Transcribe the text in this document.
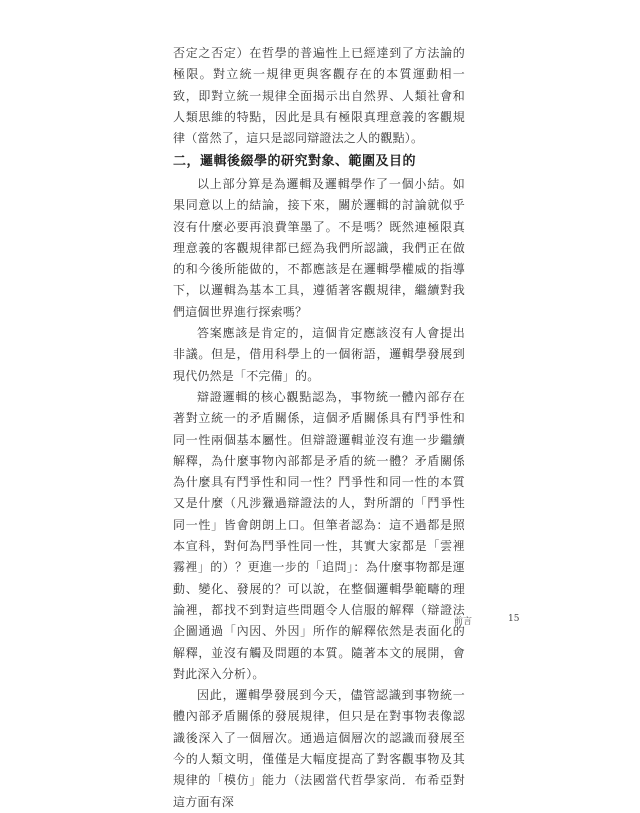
否定之否定）在哲學的普遍性上已經達到了方法論的極限。對立統一規律更與客觀存在的本質運動相一致，即對立統一規律全面揭示出自然界、人類社會和人類思維的特點，因此是具有極限真理意義的客觀規律（當然了，這只是認同辯證法之人的觀點）。

二，邏輯後綴學的研究對象、範圍及目的

以上部分算是為邏輯及邏輯學作了一個小結。如果同意以上的結論，接下來，關於邏輯的討論就似乎沒有什麼必要再浪費筆墨了。不是嗎？既然連極限真理意義的客觀規律都已經為我們所認識，我們正在做的和今後所能做的，不都應該是在邏輯學權威的指導下，以邏輯為基本工具，遵循著客觀規律，繼續對我們這個世界進行探索嗎？

答案應該是肯定的，這個肯定應該沒有人會提出非議。但是，借用科學上的一個術語，邏輯學發展到現代仍然是「不完備」的。

辯證邏輯的核心觀點認為，事物統一體內部存在著對立統一的矛盾關係，這個矛盾關係具有鬥爭性和同一性兩個基本屬性。但辯證邏輯並沒有進一步繼續解釋，為什麼事物內部都是矛盾的統一體？矛盾關係為什麼具有鬥爭性和同一性？鬥爭性和同一性的本質又是什麼（凡涉獵過辯證法的人，對所謂的「鬥爭性同一性」皆會朗朗上口。但筆者認為：這不過都是照本宣科，對何為鬥爭性同一性，其實大家都是「雲裡霧裡」的）？更進一步的「追問」：為什麼事物都是運動、變化、發展的？可以說，在整個邏輯學範疇的理論裡，都找不到對這些問題令人信服的解釋（辯證法企圖通過「內因、外因」所作的解釋依然是表面化的解釋，並沒有觸及問題的本質。隨著本文的展開，會對此深入分析）。

因此，邏輯學發展到今天，儘管認識到事物統一體內部矛盾關係的發展規律，但只是在對事物表像認識後深入了一個層次。通過這個層次的認識而發展至今的人類文明，僅僅是大幅度提高了對客觀事物及其規律的「模仿」能力（法國當代哲學家尚．布希亞對這方面有深

前言	15
